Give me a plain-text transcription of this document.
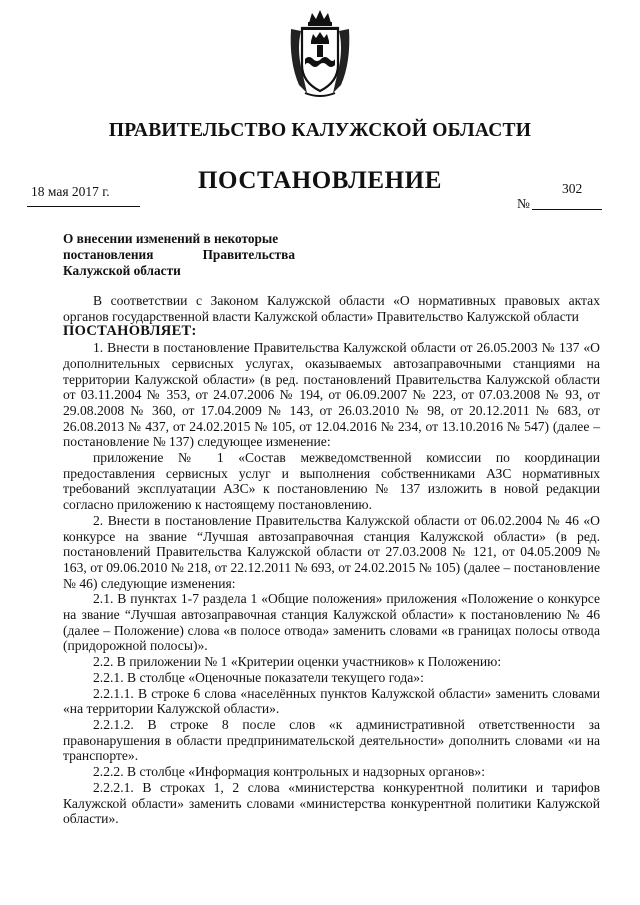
ПРАВИТЕЛЬСТВО КАЛУЖСКОЙ ОБЛАСТИ
ПОСТАНОВЛЕНИЕ
18 мая 2017 г.	302
№
О внесении изменений в некоторые
постановления	Правительства
Калужской области

В соответствии с Законом Калужской области «О нормативных правовых актах органов государственной власти Калужской области» Правительство Калужской области

ПОСТАНОВЛЯЕТ:

1. Внести в постановление Правительства Калужской области от 26.05.2003 № 137 «О дополнительных сервисных услугах, оказываемых автозаправочными станциями на территории Калужской области» (в ред. постановлений Правительства Калужской области от 03.11.2004 № 353, от 24.07.2006 № 194, от 06.09.2007 № 223, от 07.03.2008 № 93, от 29.08.2008 № 360, от 17.04.2009 № 143, от 26.03.2010 № 98, от 20.12.2011 № 683, от 26.08.2013 № 437, от 24.02.2015 № 105, от 12.04.2016 № 234, от 13.10.2016 № 547) (далее – постановление № 137) следующее изменение:

приложение № 1 «Состав межведомственной комиссии по координации предоставления сервисных услуг и выполнения собственниками АЗС нормативных требований эксплуатации АЗС» к постановлению № 137 изложить в новой редакции согласно приложению к настоящему постановлению.

2. Внести в постановление Правительства Калужской области от 06.02.2004 № 46 «О конкурсе на звание “Лучшая автозаправочная станция Калужской области» (в ред. постановлений Правительства Калужской области от 27.03.2008 № 121, от 04.05.2009 № 163, от 09.06.2010 № 218, от 22.12.2011 № 693, от 24.02.2015 № 105) (далее – постановление № 46) следующие изменения:

2.1. В пунктах 1-7 раздела 1 «Общие положения» приложения «Положение о конкурсе на звание “Лучшая автозаправочная станция Калужской области» к постановлению № 46 (далее – Положение) слова «в полосе отвода» заменить словами «в границах полосы отвода (придорожной полосы)».

2.2. В приложении № 1 «Критерии оценки участников» к Положению:

2.2.1. В столбце «Оценочные показатели текущего года»:

2.2.1.1. В строке 6 слова «населённых пунктов Калужской области» заменить словами «на территории Калужской области».

2.2.1.2. В строке 8 после слов «к административной ответственности за правонарушения в области предпринимательской деятельности» дополнить словами «и на транспорте».

2.2.2. В столбце «Информация контрольных и надзорных органов»:

2.2.2.1. В строках 1, 2 слова «министерства конкурентной политики и тарифов Калужской области» заменить словами «министерства конкурентной политики Калужской области».
